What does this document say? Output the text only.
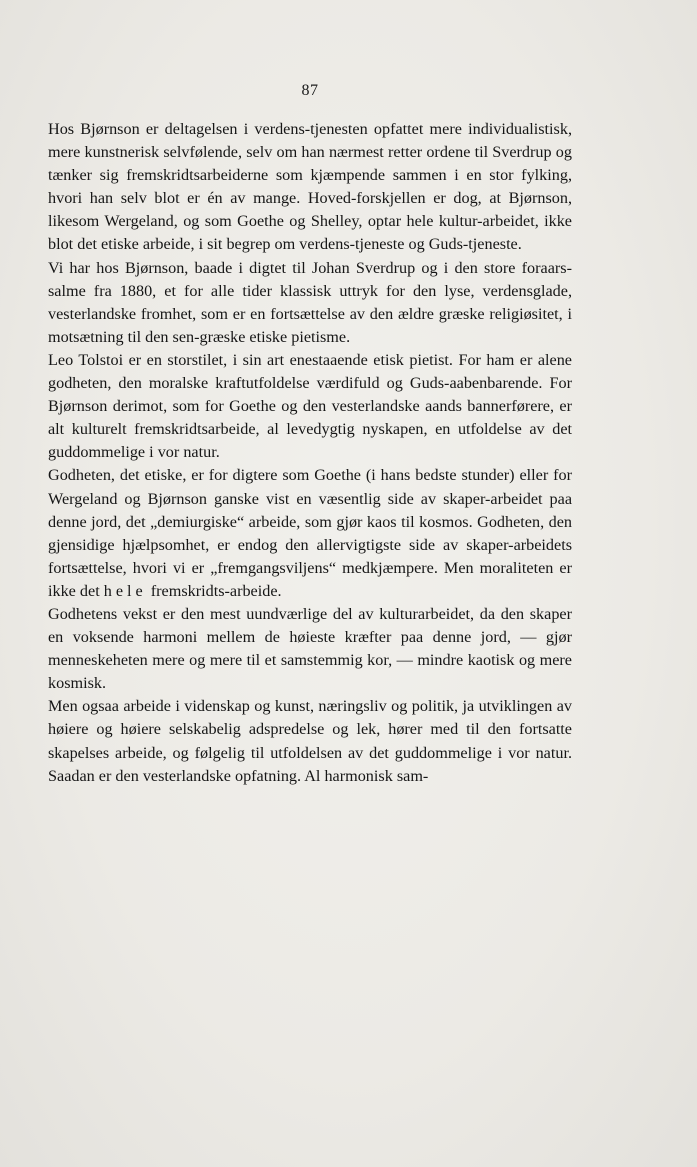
87

Hos Bjørnson er deltagelsen i verdens-tjenesten opfattet mere individualistisk, mere kunstnerisk selvfølende, selv om han nærmest retter ordene til Sverdrup og tænker sig fremskridtsarbeiderne som kjæmpende sammen i en stor fylking, hvori han selv blot er én av mange. Hoved-forskjellen er dog, at Bjørnson, likesom Wergeland, og som Goethe og Shelley, optar hele kultur-arbeidet, ikke blot det etiske arbeide, i sit begrep om verdens-tjeneste og Guds-tjeneste.

Vi har hos Bjørnson, baade i digtet til Johan Sverdrup og i den store foraars-salme fra 1880, et for alle tider klassisk uttryk for den lyse, verdensglade, vesterlandske fromhet, som er en fortsættelse av den ældre græske religiøsitet, i motsætning til den sen-græske etiske pietisme.

Leo Tolstoi er en storstilet, i sin art enestaaende etisk pietist. For ham er alene godheten, den moralske kraftutfoldelse værdifuld og Guds-aabenbarende. For Bjørnson derimot, som for Goethe og den vesterlandske aands bannerførere, er alt kulturelt fremskridtsarbeide, al levedygtig nyskapen, en utfoldelse av det guddommelige i vor natur.

Godheten, det etiske, er for digtere som Goethe (i hans bedste stunder) eller for Wergeland og Bjørnson ganske vist en væsentlig side av skaper-arbeidet paa denne jord, det „demiurgiske“ arbeide, som gjør kaos til kosmos. Godheten, den gjensidige hjælpsomhet, er endog den allervigtigste side av skaper-arbeidets fortsættelse, hvori vi er „fremgangsviljens“ medkjæmpere. Men moraliteten er ikke det hele fremskridts-arbeide.

Godhetens vekst er den mest uundværlige del av kulturarbeidet, da den skaper en voksende harmoni mellem de høieste kræfter paa denne jord, — gjør menneskeheten mere og mere til et samstemmig kor, — mindre kaotisk og mere kosmisk.

Men ogsaa arbeide i videnskap og kunst, næringsliv og politik, ja utviklingen av høiere og høiere selskabelig adspredelse og lek, hører med til den fortsatte skapelses arbeide, og følgelig til utfoldelsen av det guddommelige i vor natur. Saadan er den vesterlandske opfatning. Al harmonisk sam-
